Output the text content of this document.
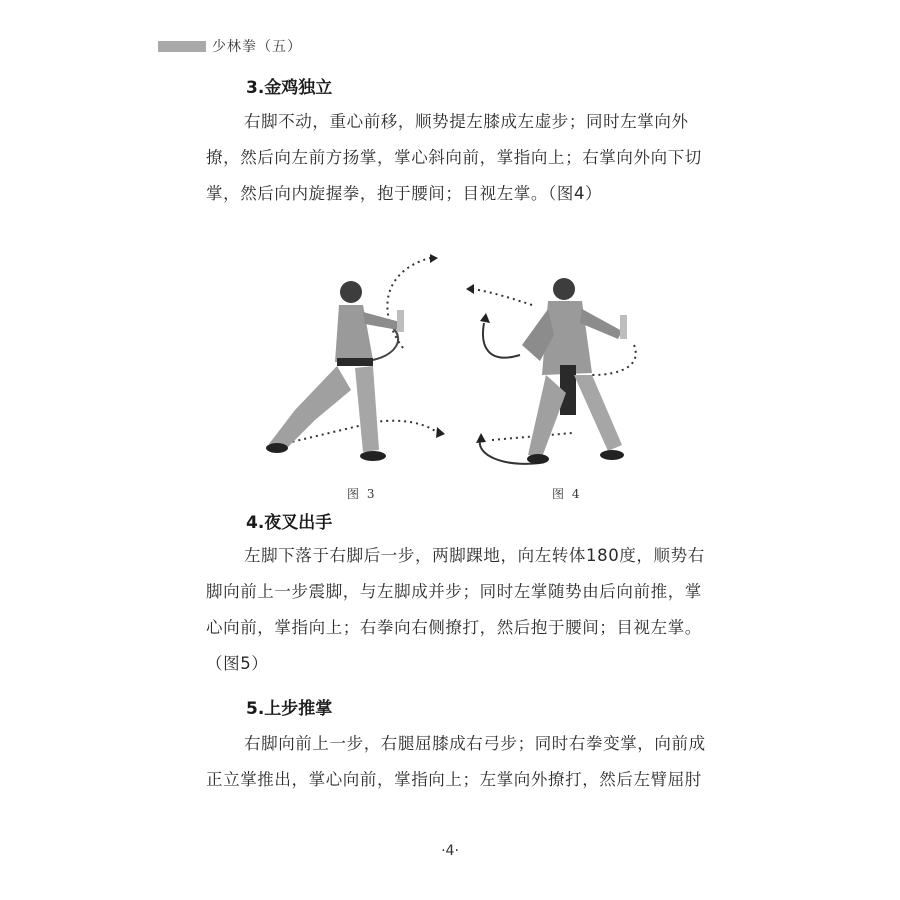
少林拳（五）
3.金鸡独立

右脚不动，重心前移，顺势提左膝成左虚步；同时左掌向外撩，然后向左前方扬掌，掌心斜向前，掌指向上；右掌向外向下切掌，然后向内旋握拳，抱于腰间；目视左掌。（图4）

图 3	图 4
4.夜叉出手

左脚下落于右脚后一步，两脚踝地，向左转体180度，顺势右脚向前上一步震脚，与左脚成并步；同时左掌随势由后向前推，掌心向前，掌指向上；右拳向右侧撩打，然后抱于腰间；目视左掌。（图5）

5.上步推掌

右脚向前上一步，右腿屈膝成右弓步；同时右拳变掌，向前成正立掌推出，掌心向前，掌指向上；左掌向外撩打，然后左臂屈肘

·4·
